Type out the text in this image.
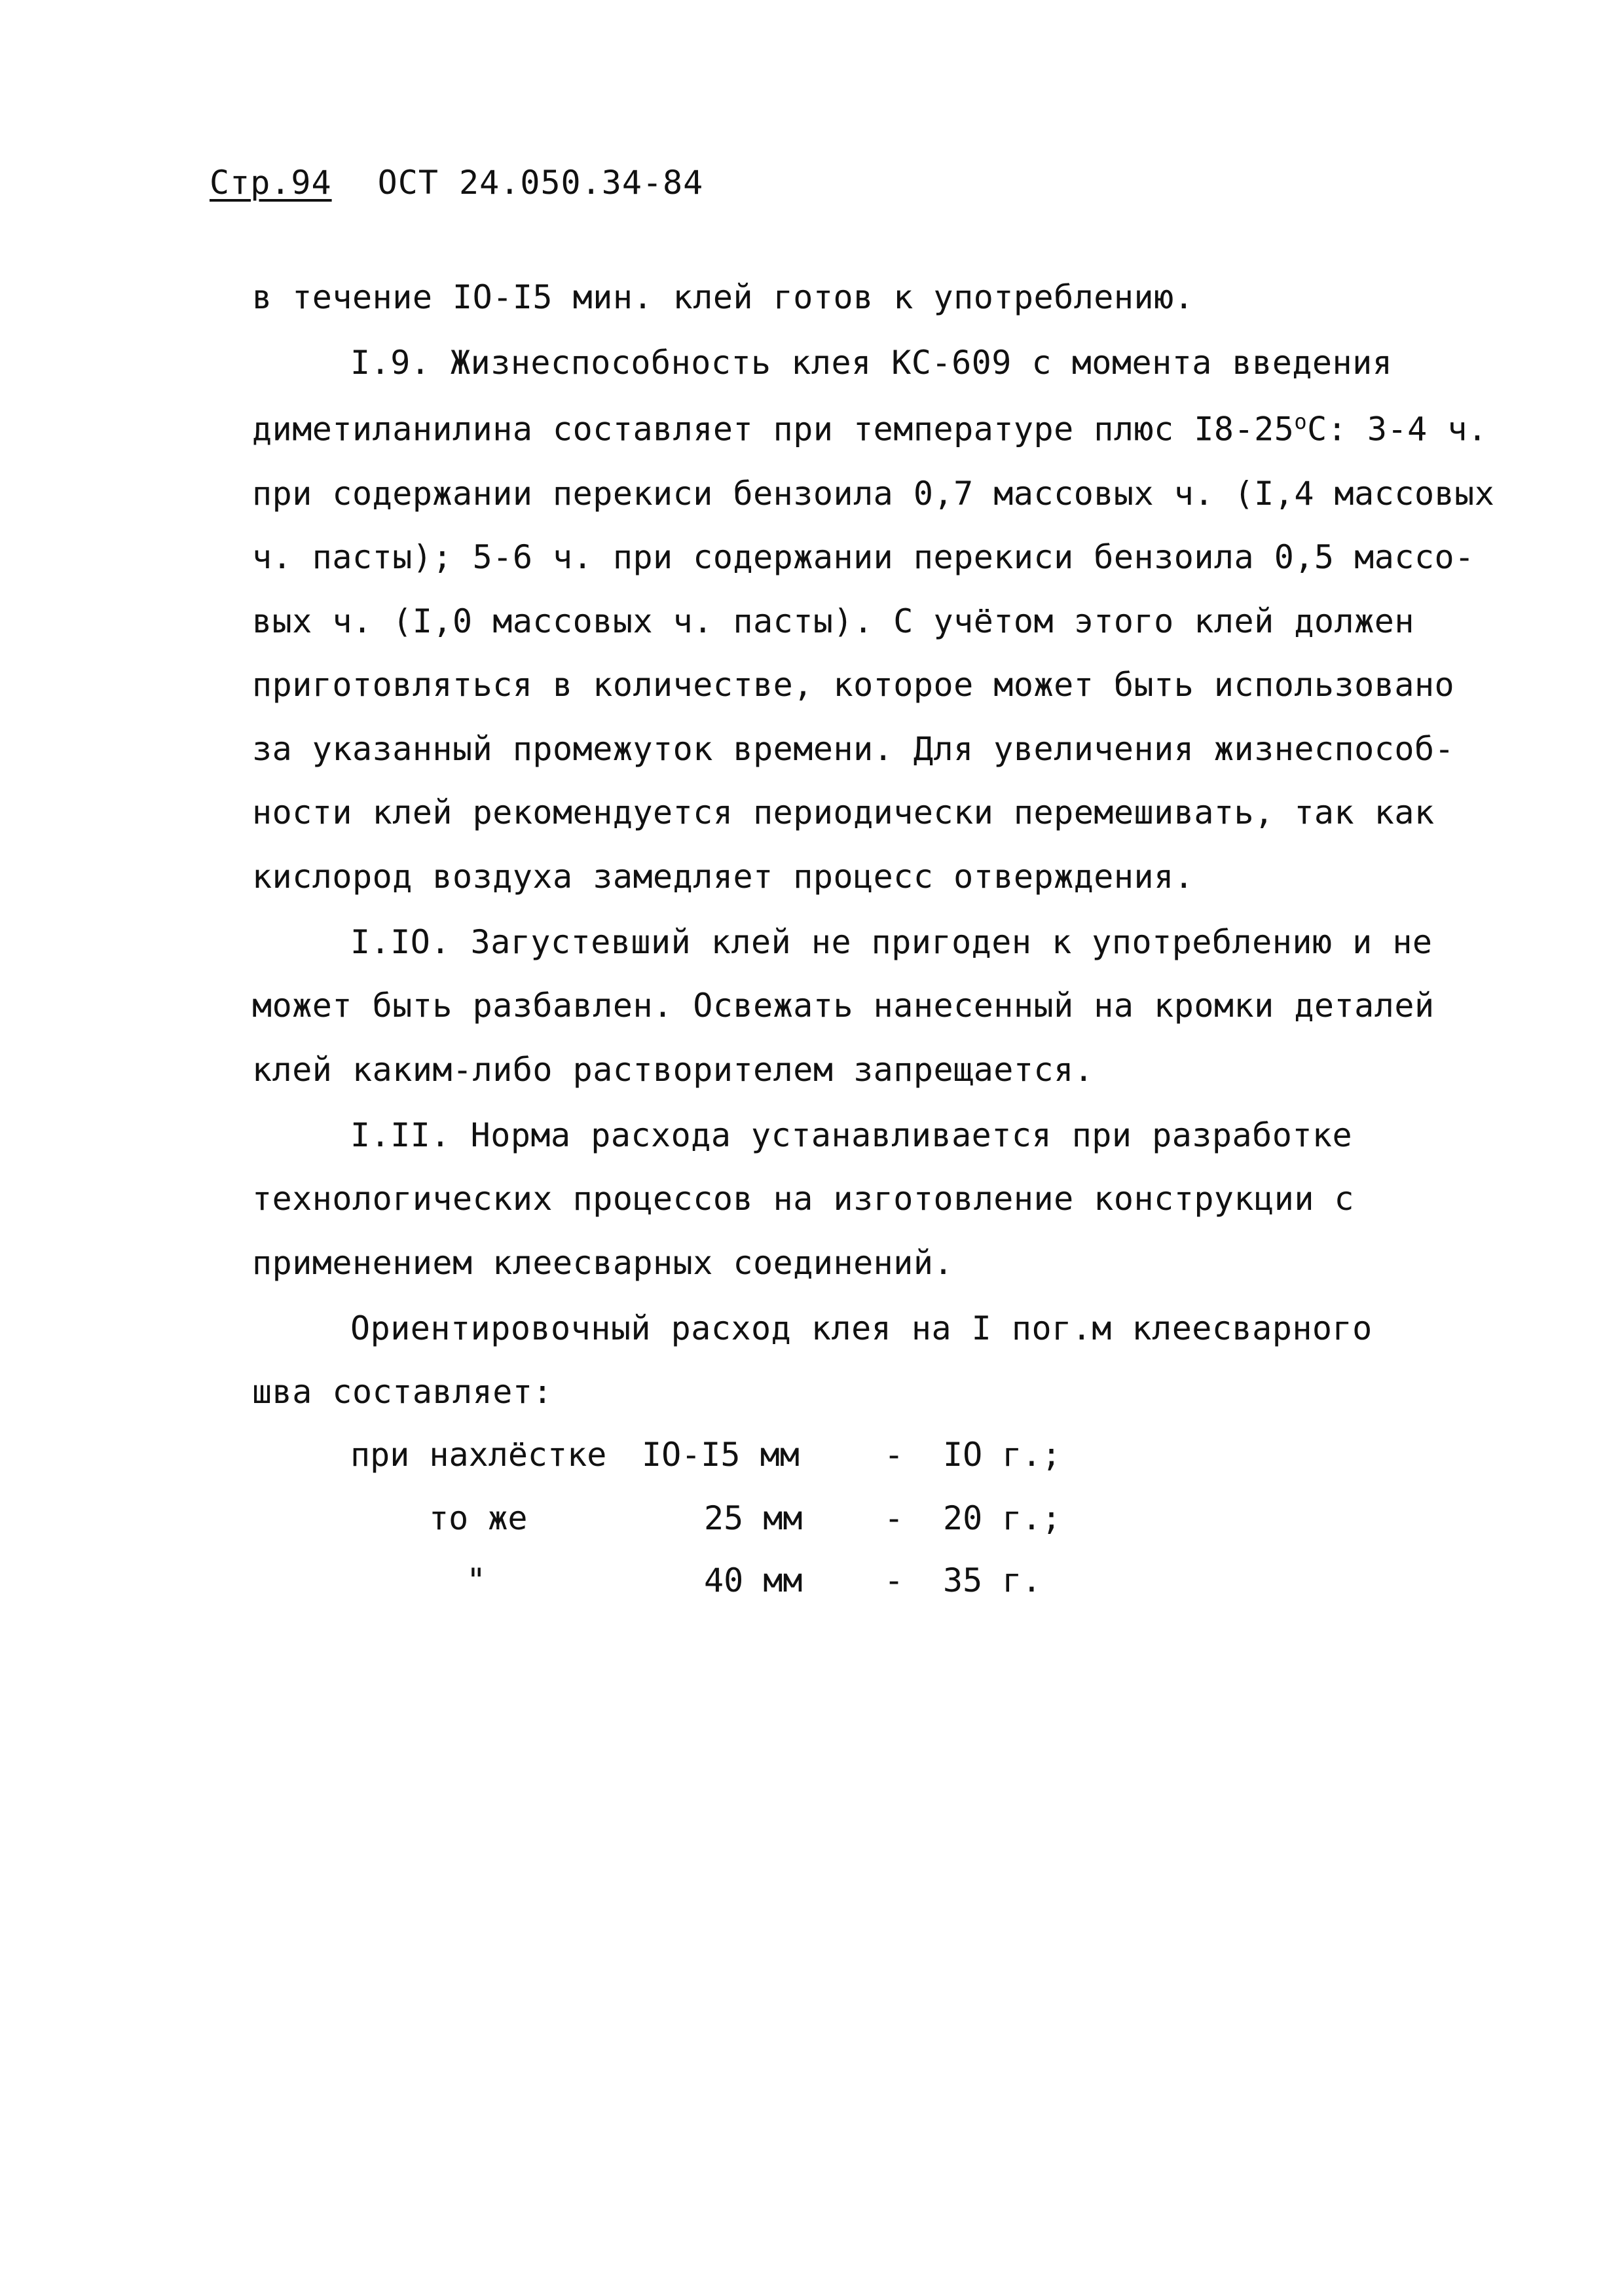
Стр.94 ОСТ 24.050.34-84
в течение IO-I5 мин. клей готов к употреблению.
I.9. Жизнеспособность клея КС-609 с момента введения
диметиланилина составляет при температуре плюс $I8-25^оС$: 3-4 ч.
при содержании перекиси бензоила 0,7 массовых ч. (I,4 массовых
ч. пасты); 5-6 ч. при содержании перекиси бензоила 0,5 массо-
вых ч. (I,0 массовых ч. пасты). С учётом этого клей должен
приготовляться в количестве, которое может быть использовано
за указанный промежуток времени. Для увеличения жизнеспособ-
ности клей рекомендуется периодически перемешивать, так как
кислород воздуха замедляет процесс отверждения.
I.IO. Загустевший клей не пригоден к употреблению и не
может быть разбавлен. Освежать нанесенный на кромки деталей
клей каким-либо растворителем запрещается.
I.II. Норма расхода устанавливается при разработке
технологических процессов на изготовление конструкции с
применением клеесварных соединений.
Ориентировочный расход клея на I пог.м клеесварного
шва составляет:
при нахлёстке IO-I5 мм	- IO г.;
то же	25 мм - 20 г.;
"	40 мм - 35 г.
